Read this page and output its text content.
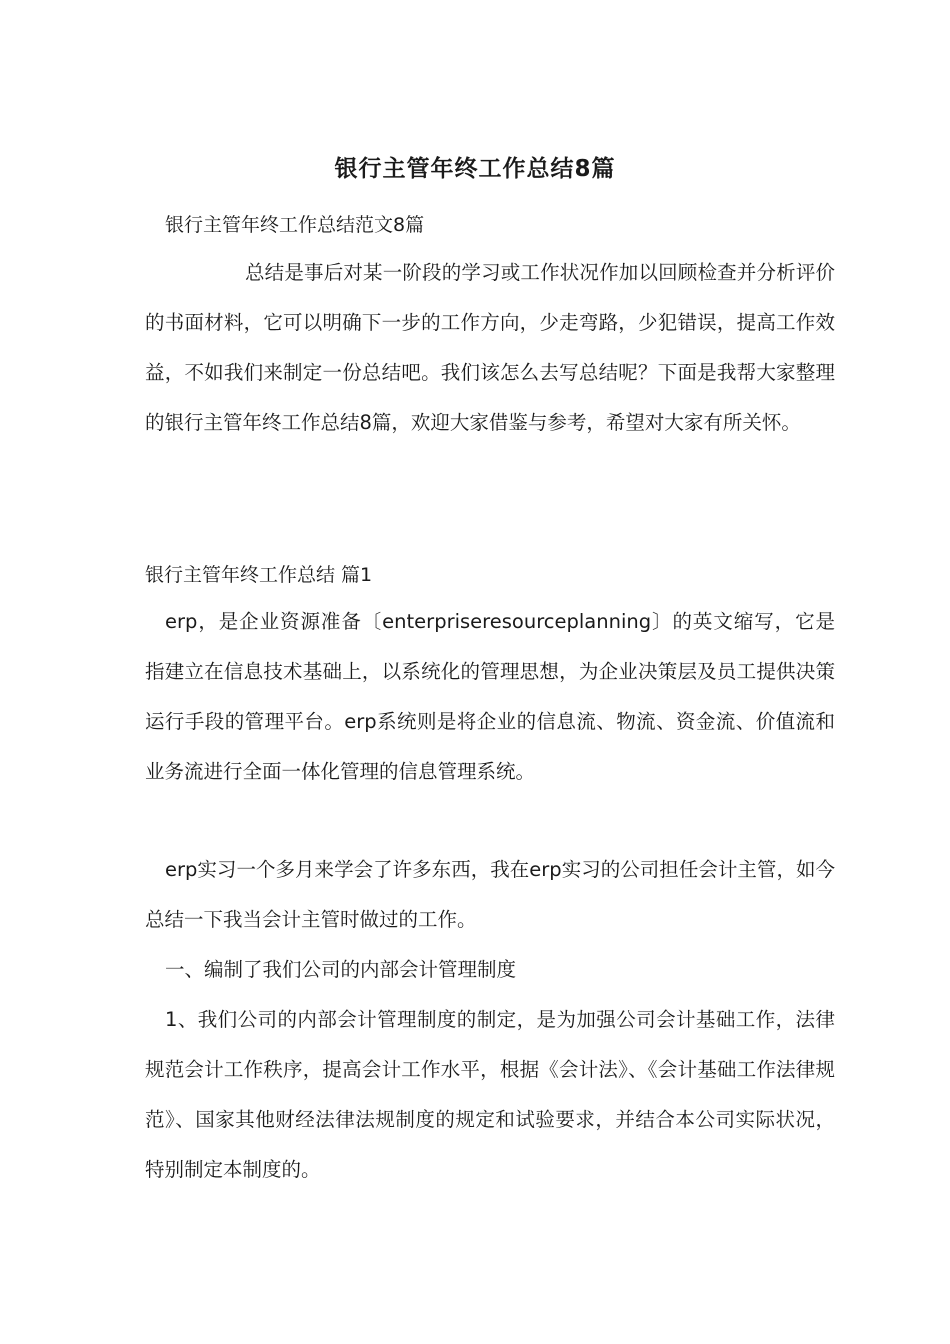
银行主管年终工作总结8篇
银行主管年终工作总结范文8篇
总结是事后对某一阶段的学习或工作状况作加以回顾检查并分析评价的书面材料，它可以明确下一步的工作方向，少走弯路，少犯错误，提高工作效益，不如我们来制定一份总结吧。我们该怎么去写总结呢？下面是我帮大家整理的银行主管年终工作总结8篇，欢迎大家借鉴与参考，希望对大家有所关怀。
银行主管年终工作总结 篇1
erp，是企业资源准备〔enterpriseresourceplanning〕的英文缩写，它是指建立在信息技术基础上，以系统化的管理思想，为企业决策层及员工提供决策运行手段的管理平台。erp系统则是将企业的信息流、物流、资金流、价值流和业务流进行全面一体化管理的信息管理系统。
erp实习一个多月来学会了许多东西，我在erp实习的公司担任会计主管，如今总结一下我当会计主管时做过的工作。
一、编制了我们公司的内部会计管理制度
1、我们公司的内部会计管理制度的制定，是为加强公司会计基础工作，法律规范会计工作秩序，提高会计工作水平，根据《会计法》、《会计基础工作法律规范》、国家其他财经法律法规制度的规定和试验要求，并结合本公司实际状况，特别制定本制度的。
